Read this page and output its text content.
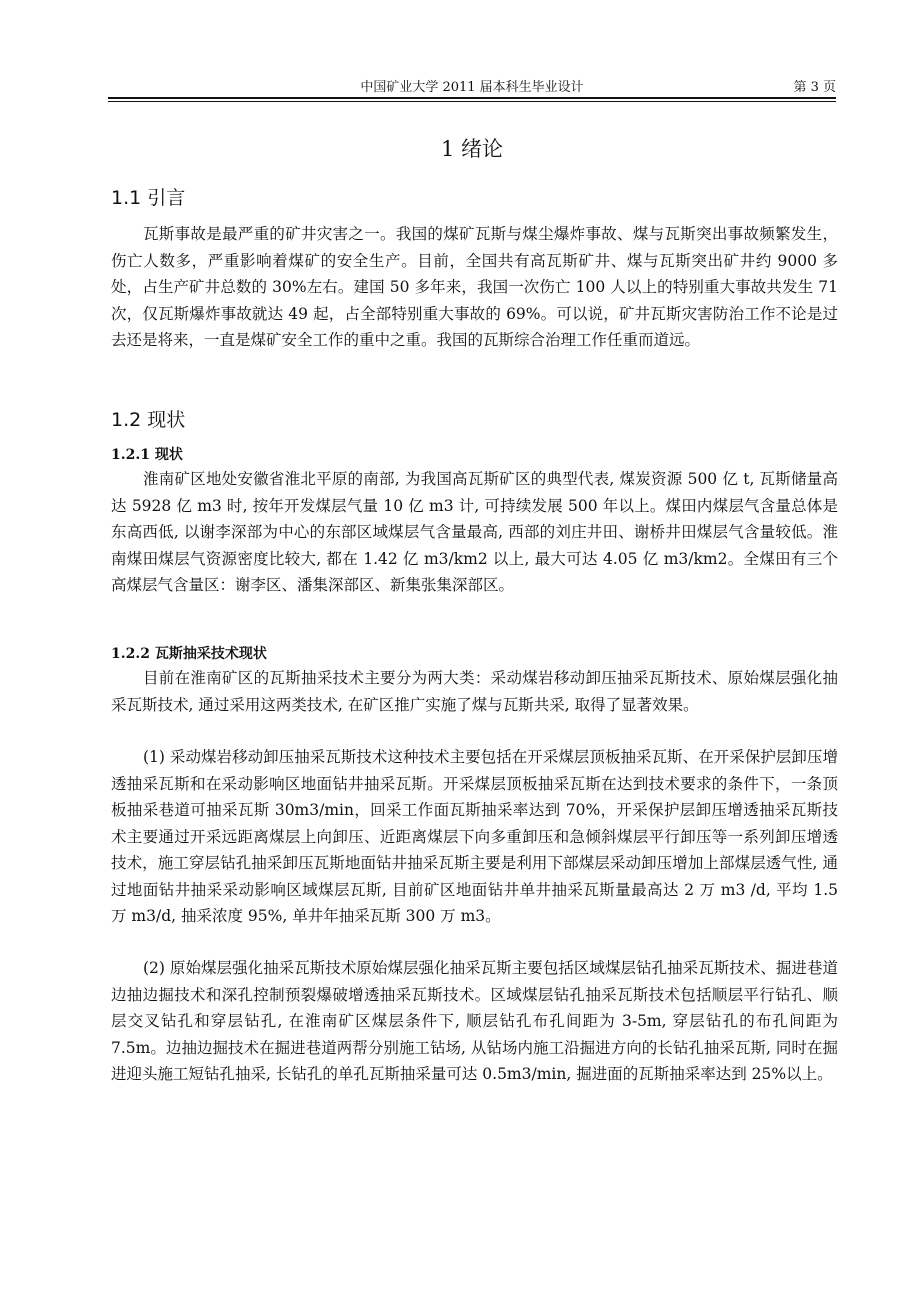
中国矿业大学 2011 届本科生毕业设计	第 3 页
1 绪论
1.1 引言

瓦斯事故是最严重的矿井灾害之一。我国的煤矿瓦斯与煤尘爆炸事故、煤与瓦斯突出事故频繁发生，伤亡人数多，严重影响着煤矿的安全生产。目前，全国共有高瓦斯矿井、煤与瓦斯突出矿井约 9000 多处，占生产矿井总数的 30%左右。建国 50 多年来，我国一次伤亡 100 人以上的特别重大事故共发生 71 次，仅瓦斯爆炸事故就达 49 起，占全部特别重大事故的 69%。可以说，矿井瓦斯灾害防治工作不论是过去还是将来，一直是煤矿安全工作的重中之重。我国的瓦斯综合治理工作任重而道远。

1.2 现状
1.2.1 现状

淮南矿区地处安徽省淮北平原的南部, 为我国高瓦斯矿区的典型代表, 煤炭资源 500 亿 t, 瓦斯储量高达 5928 亿 m3 时, 按年开发煤层气量 10 亿 m3 计, 可持续发展 500 年以上。煤田内煤层气含量总体是东高西低, 以谢李深部为中心的东部区域煤层气含量最高, 西部的刘庄井田、谢桥井田煤层气含量较低。淮南煤田煤层气资源密度比较大, 都在 1.42 亿 m3/km2 以上, 最大可达 4.05 亿 m3/km2。全煤田有三个高煤层气含量区：谢李区、潘集深部区、新集张集深部区。

1.2.2 瓦斯抽采技术现状

目前在淮南矿区的瓦斯抽采技术主要分为两大类：采动煤岩移动卸压抽采瓦斯技术、原始煤层强化抽采瓦斯技术, 通过采用这两类技术, 在矿区推广实施了煤与瓦斯共采, 取得了显著效果。

(1) 采动煤岩移动卸压抽采瓦斯技术这种技术主要包括在开采煤层顶板抽采瓦斯、在开采保护层卸压增透抽采瓦斯和在采动影响区地面钻井抽采瓦斯。开采煤层顶板抽采瓦斯在达到技术要求的条件下，一条顶板抽采巷道可抽采瓦斯 30m3/min，回采工作面瓦斯抽采率达到 70%，开采保护层卸压增透抽采瓦斯技术主要通过开采远距离煤层上向卸压、近距离煤层下向多重卸压和急倾斜煤层平行卸压等一系列卸压增透技术，施工穿层钻孔抽采卸压瓦斯地面钻井抽采瓦斯主要是利用下部煤层采动卸压增加上部煤层透气性, 通过地面钻井抽采采动影响区域煤层瓦斯, 目前矿区地面钻井单井抽采瓦斯量最高达 2 万 m3 /d, 平均 1.5 万 m3/d, 抽采浓度 95%, 单井年抽采瓦斯 300 万 m3。

(2) 原始煤层强化抽采瓦斯技术原始煤层强化抽采瓦斯主要包括区域煤层钻孔抽采瓦斯技术、掘进巷道边抽边掘技术和深孔控制预裂爆破增透抽采瓦斯技术。区域煤层钻孔抽采瓦斯技术包括顺层平行钻孔、顺层交叉钻孔和穿层钻孔, 在淮南矿区煤层条件下, 顺层钻孔布孔间距为 3-5m, 穿层钻孔的布孔间距为 7.5m。边抽边掘技术在掘进巷道两帮分别施工钻场, 从钻场内施工沿掘进方向的长钻孔抽采瓦斯, 同时在掘进迎头施工短钻孔抽采, 长钻孔的单孔瓦斯抽采量可达 0.5m3/min, 掘进面的瓦斯抽采率达到 25%以上。
